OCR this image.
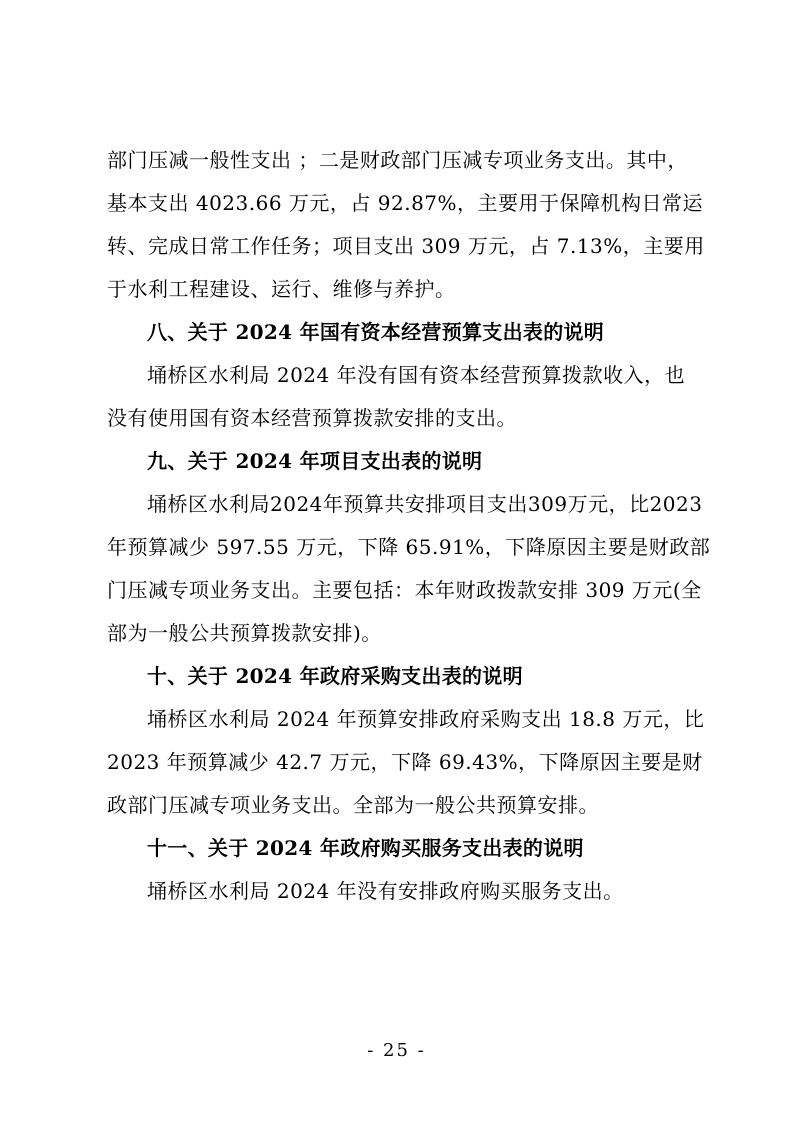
部门压减一般性支出 ；二是财政部门压减专项业务支出。其中，
基本支出 4023.66 万元，占 92.87%，主要用于保障机构日常运
转、完成日常工作任务；项目支出 309 万元，占 7.13%，主要用
于水利工程建设、运行、维修与养护。
八、关于 2024 年国有资本经营预算支出表的说明
埇桥区水利局 2024 年没有国有资本经营预算拨款收入，也
没有使用国有资本经营预算拨款安排的支出。
九、关于 2024 年项目支出表的说明
埇桥区水利局2024年预算共安排项目支出309万元，比2023
年预算减少 597.55 万元，下降 65.91%，下降原因主要是财政部
门压减专项业务支出。主要包括：本年财政拨款安排 309 万元(全
部为一般公共预算拨款安排)。
十、关于 2024 年政府采购支出表的说明
埇桥区水利局 2024 年预算安排政府采购支出 18.8 万元，比
2023 年预算减少 42.7 万元，下降 69.43%，下降原因主要是财
政部门压减专项业务支出。全部为一般公共预算安排。
十一、关于 2024 年政府购买服务支出表的说明
埇桥区水利局 2024 年没有安排政府购买服务支出。
- 25 -
